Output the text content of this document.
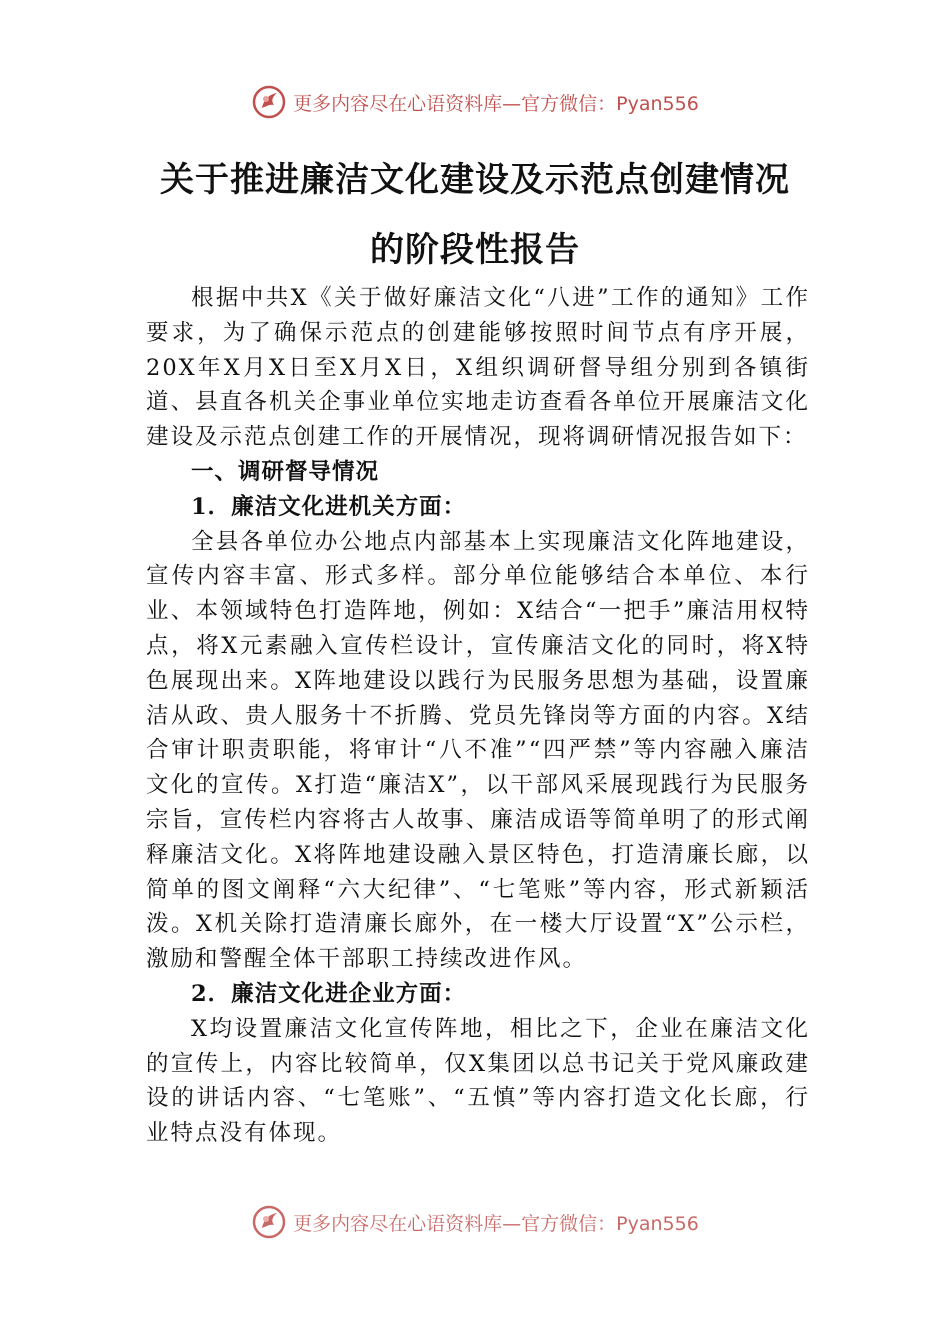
更多内容尽在心语资料库—官方微信：Pyan556
关于推进廉洁文化建设及示范点创建情况
的阶段性报告

根据中共X《关于做好廉洁文化“八进”工作的通知》工作要求，为了确保示范点的创建能够按照时间节点有序开展，20X年X月X日至X月X日，X组织调研督导组分别到各镇街道、县直各机关企事业单位实地走访查看各单位开展廉洁文化建设及示范点创建工作的开展情况，现将调研情况报告如下：

一、调研督导情况

1．廉洁文化进机关方面：

全县各单位办公地点内部基本上实现廉洁文化阵地建设，宣传内容丰富、形式多样。部分单位能够结合本单位、本行业、本领域特色打造阵地，例如：X结合“一把手”廉洁用权特点，将X元素融入宣传栏设计，宣传廉洁文化的同时，将X特色展现出来。X阵地建设以践行为民服务思想为基础，设置廉洁从政、贵人服务十不折腾、党员先锋岗等方面的内容。X结合审计职责职能，将审计“八不准”“四严禁”等内容融入廉洁文化的宣传。X打造“廉洁X”，以干部风采展现践行为民服务宗旨，宣传栏内容将古人故事、廉洁成语等简单明了的形式阐释廉洁文化。X将阵地建设融入景区特色，打造清廉长廊，以简单的图文阐释“六大纪律”、“七笔账”等内容，形式新颖活泼。X机关除打造清廉长廊外，在一楼大厅设置“X”公示栏，激励和警醒全体干部职工持续改进作风。

2．廉洁文化进企业方面：

X均设置廉洁文化宣传阵地，相比之下，企业在廉洁文化的宣传上，内容比较简单，仅X集团以总书记关于党风廉政建设的讲话内容、“七笔账”、“五慎”等内容打造文化长廊，行业特点没有体现。

更多内容尽在心语资料库—官方微信：Pyan556
